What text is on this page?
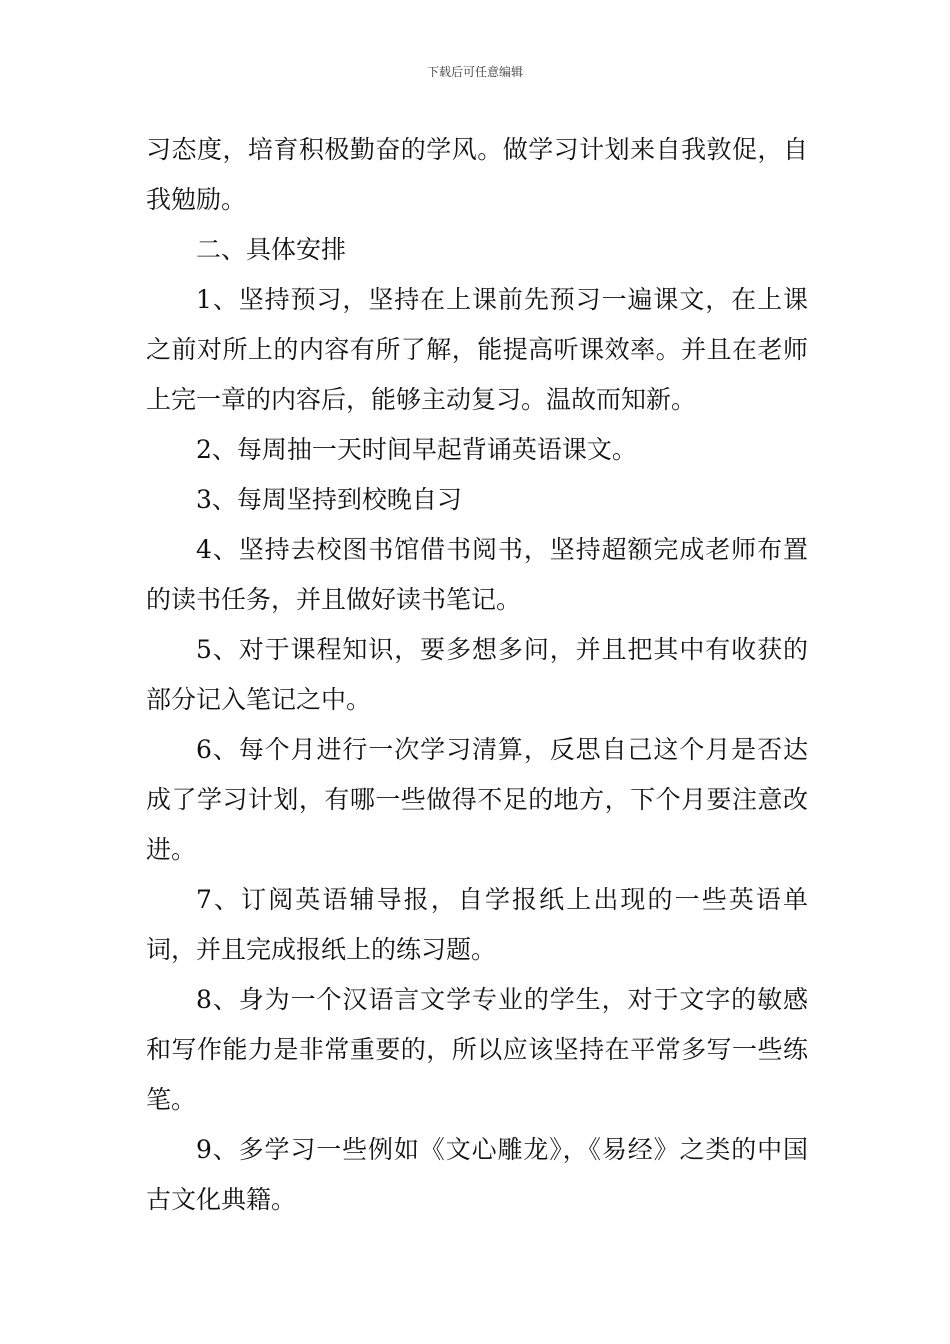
下载后可任意编辑

习态度，培育积极勤奋的学风。做学习计划来自我敦促，自我勉励。

二、具体安排

1、坚持预习，坚持在上课前先预习一遍课文，在上课之前对所上的内容有所了解，能提高听课效率。并且在老师上完一章的内容后，能够主动复习。温故而知新。

2、每周抽一天时间早起背诵英语课文。

3、每周坚持到校晚自习

4、坚持去校图书馆借书阅书，坚持超额完成老师布置的读书任务，并且做好读书笔记。

5、对于课程知识，要多想多问，并且把其中有收获的部分记入笔记之中。

6、每个月进行一次学习清算，反思自己这个月是否达成了学习计划，有哪一些做得不足的地方，下个月要注意改进。

7、订阅英语辅导报，自学报纸上出现的一些英语单词，并且完成报纸上的练习题。

8、身为一个汉语言文学专业的学生，对于文字的敏感和写作能力是非常重要的，所以应该坚持在平常多写一些练笔。

9、多学习一些例如《文心雕龙》，《易经》之类的中国古文化典籍。
